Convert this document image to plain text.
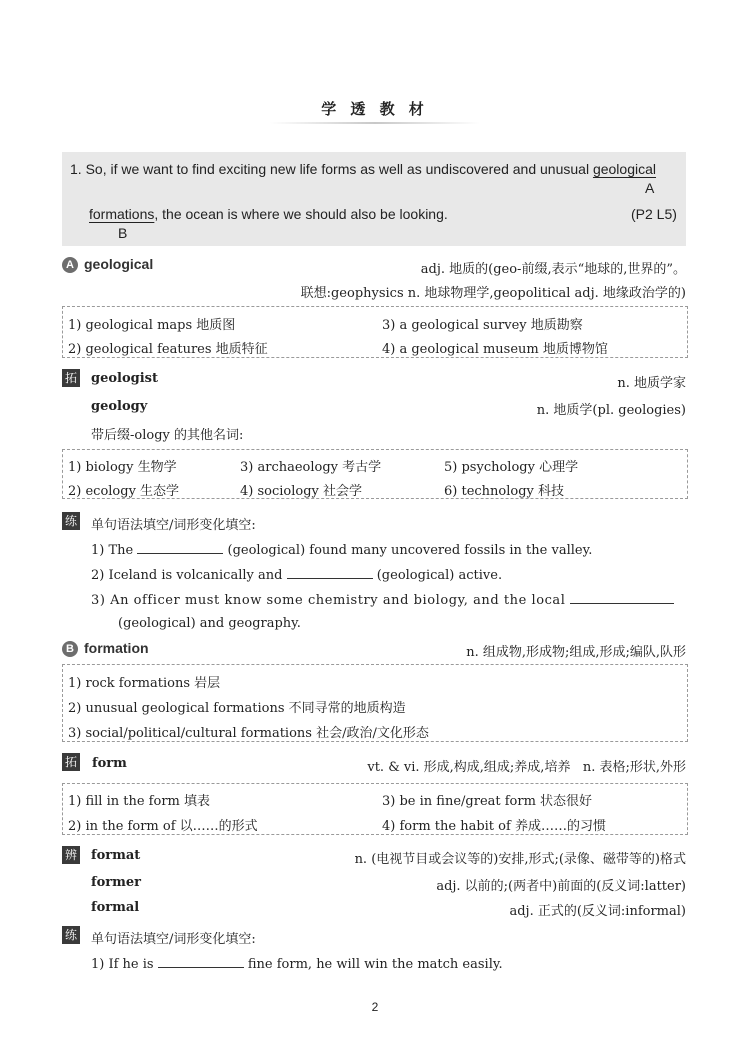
学 透 教 材
1. So, if we want to find exciting new life forms as well as undiscovered and unusual geological
A
formations, the ocean is where we should also be looking.	(P2 L5)
B
A geological	adj. 地质的(geo-前缀,表示“地球的,世界的”。
联想:geophysics n. 地球物理学,geopolitical adj. 地缘政治学的)
1) geological maps 地质图	3) a geological survey 地质勘察
2) geological features 地质特征	4) a geological museum 地质博物馆
拓 geologist	n. 地质学家
geology	n. 地质学(pl. geologies)
带后缀-ology 的其他名词:
1) biology 生物学	3) archaeology 考古学	5) psychology 心理学
2) ecology 生态学	4) sociology 社会学	6) technology 科技
练 单句语法填空/词形变化填空:
1) The	(geological) found many uncovered fossils in the valley.
2) Iceland is volcanically and	(geological) active.
3) An officer must know some chemistry and biology, and the local
(geological) and geography.
B formation	n. 组成物,形成物;组成,形成;编队,队形
1) rock formations 岩层
2) unusual geological formations 不同寻常的地质构造
3) social/political/cultural formations 社会/政治/文化形态
拓 form	vt. & vi. 形成,构成,组成;养成,培养   n. 表格;形状,外形
1) fill in the form 填表	3) be in fine/great form 状态很好
2) in the form of 以……的形式	4) form the habit of 养成……的习惯
辨 format	n. (电视节目或会议等的)安排,形式;(录像、磁带等的)格式
former	adj. 以前的;(两者中)前面的(反义词:latter)
formal	adj. 正式的(反义词:informal)
练 单句语法填空/词形变化填空:
1) If he is	fine form, he will win the match easily.
2
